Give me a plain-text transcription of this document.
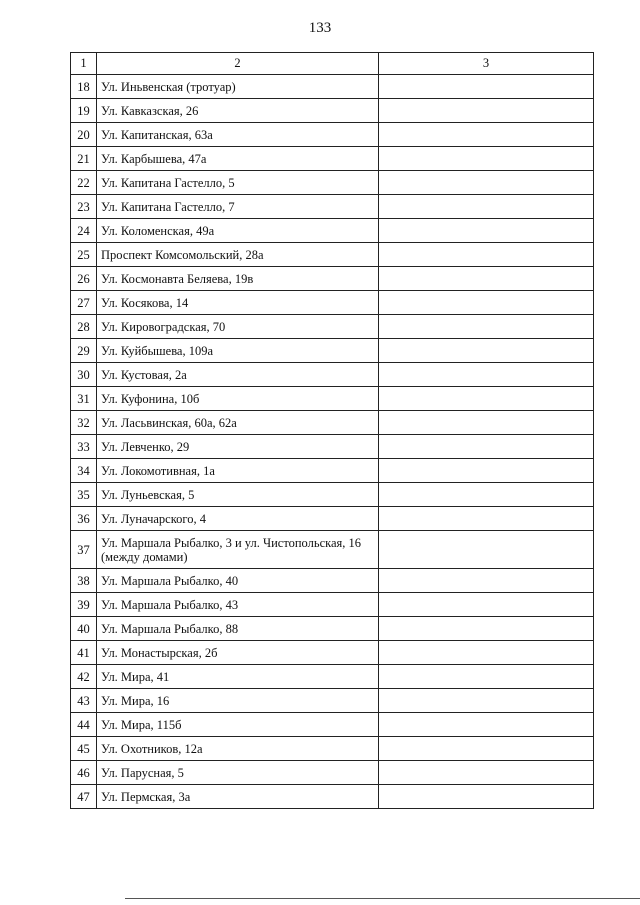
133
1	2	3
18	Ул. Иньвенская (тротуар)	
19	Ул. Кавказская, 26	
20	Ул. Капитанская, 63а	
21	Ул. Карбышева, 47а	
22	Ул. Капитана Гастелло, 5	
23	Ул. Капитана Гастелло, 7	
24	Ул. Коломенская, 49а	
25	Проспект Комсомольский, 28а	
26	Ул. Космонавта Беляева, 19в	
27	Ул. Косякова, 14	
28	Ул. Кировоградская, 70	
29	Ул. Куйбышева, 109а	
30	Ул. Кустовая, 2а	
31	Ул. Куфонина, 10б	
32	Ул. Ласьвинская, 60а, 62а	
33	Ул. Левченко, 29	
34	Ул. Локомотивная, 1а	
35	Ул. Луньевская, 5	
36	Ул. Луначарского, 4	
37	Ул. Маршала Рыбалко, 3 и ул. Чистопольская, 16 (между домами)	
38	Ул. Маршала Рыбалко, 40	
39	Ул. Маршала Рыбалко, 43	
40	Ул. Маршала Рыбалко, 88	
41	Ул. Монастырская, 2б	
42	Ул. Мира, 41	
43	Ул. Мира, 16	
44	Ул. Мира, 115б	
45	Ул. Охотников, 12а	
46	Ул. Парусная, 5	
47	Ул. Пермская, 3а	
